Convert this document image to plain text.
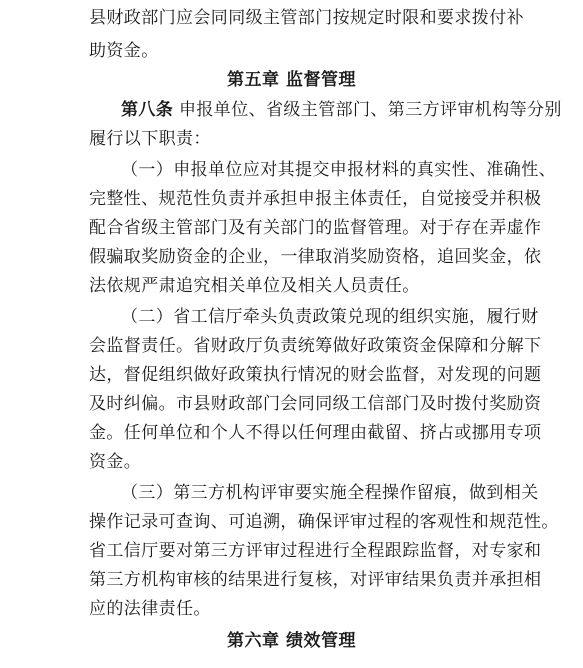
县财政部门应会同同级主管部门按规定时限和要求拨付补
助资金。
第五章 监督管理
第八条 申报单位、省级主管部门、第三方评审机构等分别
履行以下职责：
（一）申报单位应对其提交申报材料的真实性、准确性、
完整性、规范性负责并承担申报主体责任，自觉接受并积极
配合省级主管部门及有关部门的监督管理。对于存在弄虚作
假骗取奖励资金的企业，一律取消奖励资格，追回奖金，依
法依规严肃追究相关单位及相关人员责任。
（二）省工信厅牵头负责政策兑现的组织实施，履行财
会监督责任。省财政厅负责统筹做好政策资金保障和分解下
达，督促组织做好政策执行情况的财会监督，对发现的问题
及时纠偏。市县财政部门会同同级工信部门及时拨付奖励资
金。任何单位和个人不得以任何理由截留、挤占或挪用专项
资金。
（三）第三方机构评审要实施全程操作留痕，做到相关
操作记录可查询、可追溯，确保评审过程的客观性和规范性。
省工信厅要对第三方评审过程进行全程跟踪监督，对专家和
第三方机构审核的结果进行复核，对评审结果负责并承担相
应的法律责任。
第六章 绩效管理
